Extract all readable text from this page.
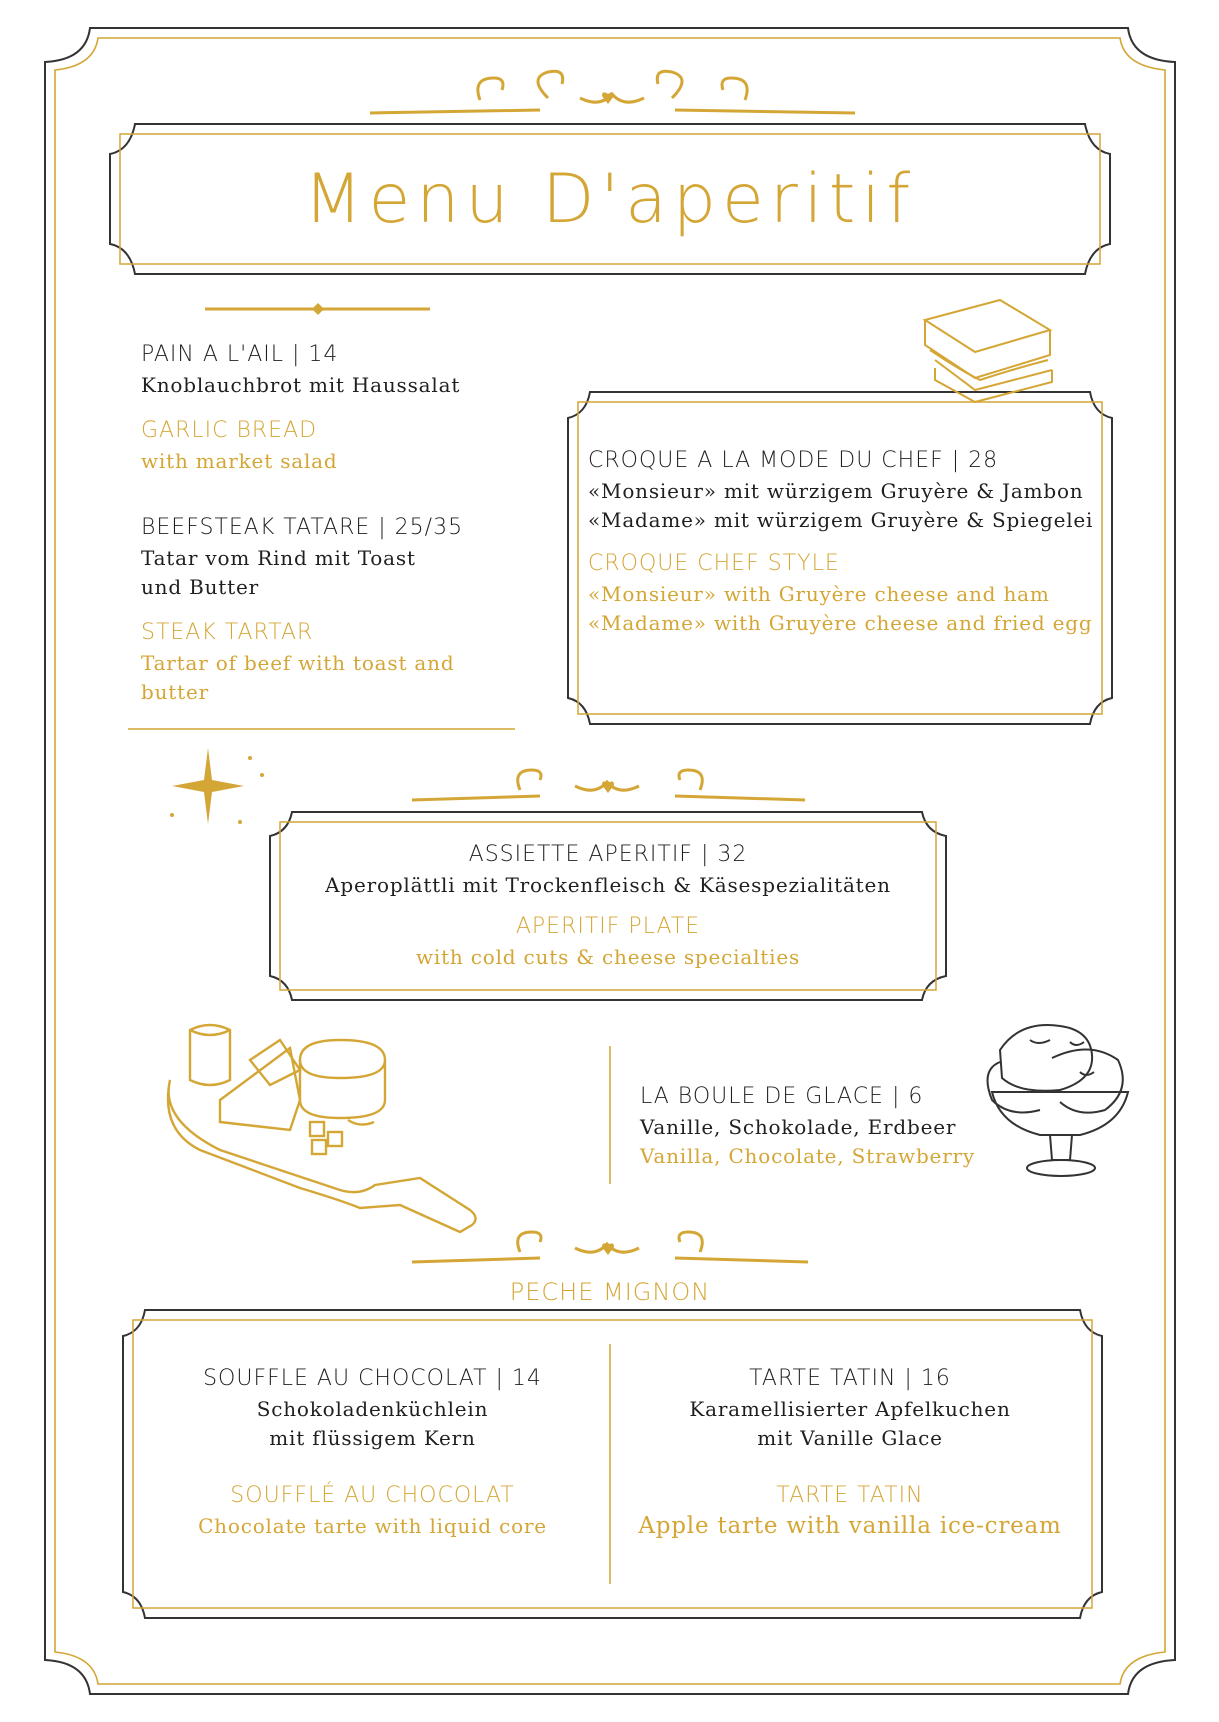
Menu D'aperitif
PAIN A L'AIL | 14
Knoblauchbrot mit Haussalat
GARLIC BREAD
with market salad
BEEFSTEAK TATARE | 25/35
Tatar vom Rind mit Toast
und Butter
STEAK TARTAR
Tartar of beef with toast and
butter
CROQUE A LA MODE DU CHEF | 28
«Monsieur» mit würzigem Gruyère & Jambon
«Madame» mit würzigem Gruyère & Spiegelei
CROQUE CHEF STYLE
«Monsieur» with Gruyère cheese and ham
«Madame» with Gruyère cheese and fried egg
ASSIETTE APERITIF | 32
Aperoplättli mit Trockenfleisch & Käsespezialitäten
APERITIF PLATE
with cold cuts & cheese specialties
LA BOULE DE GLACE | 6
Vanille, Schokolade, Erdbeer
Vanilla, Chocolate, Strawberry
PECHE MIGNON
SOUFFLE AU CHOCOLAT | 14
Schokoladenküchlein
mit flüssigem Kern
SOUFFLÉ AU CHOCOLAT
Chocolate tarte with liquid core
TARTE TATIN | 16
Karamellisierter Apfelkuchen
mit Vanille Glace
TARTE TATIN
Apple tarte with vanilla ice-cream
